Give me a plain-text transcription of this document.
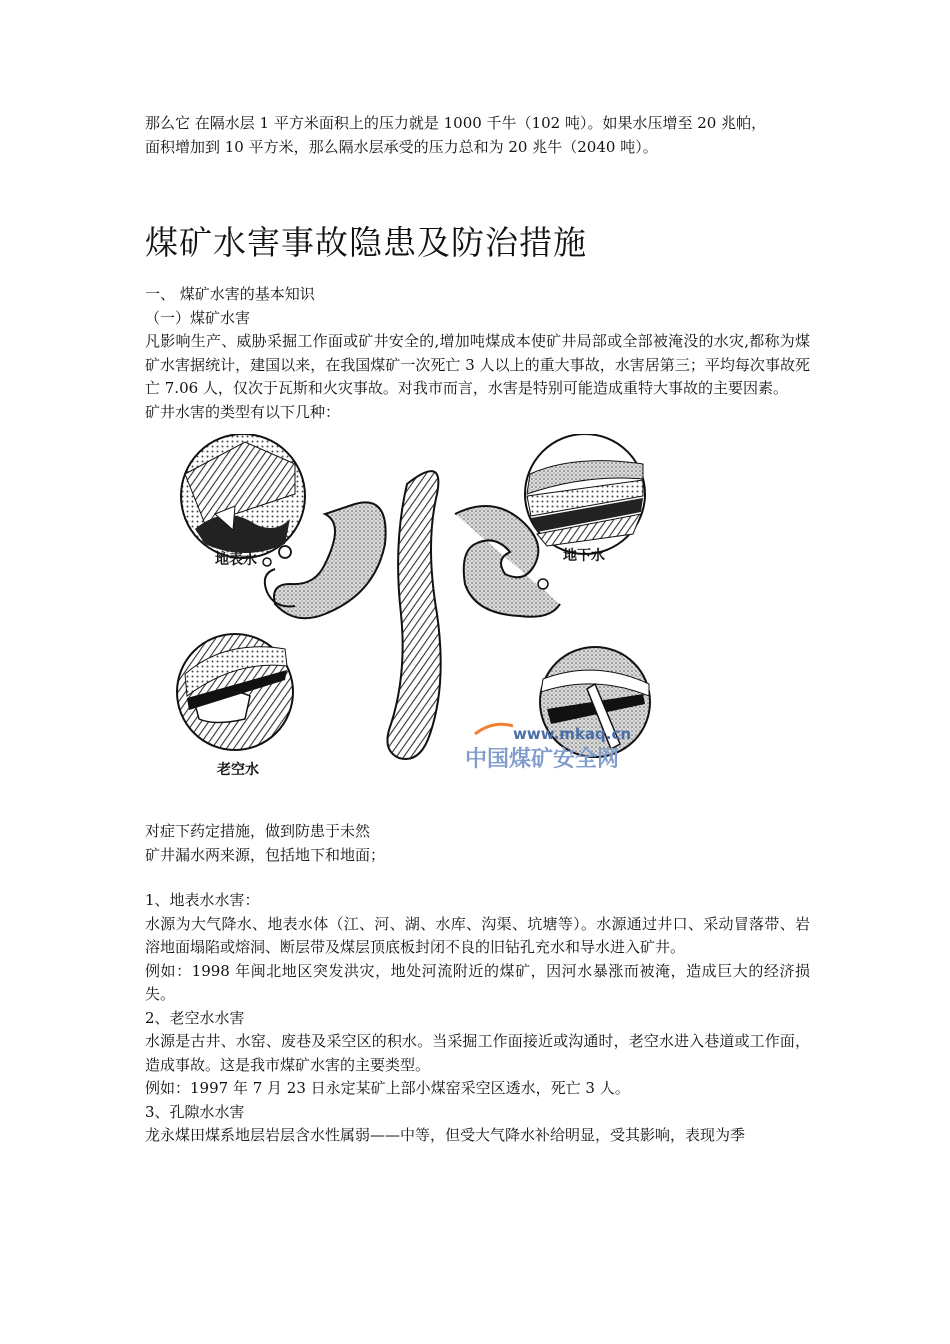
那么它 在隔水层 1 平方米面积上的压力就是 1000 千牛（102 吨）。如果水压增至 20 兆帕，

面积增加到 10 平方米，那么隔水层承受的压力总和为 20 兆牛（2040 吨）。

煤矿水害事故隐患及防治措施

一、 煤矿水害的基本知识

（一）煤矿水害

凡影响生产、威胁采掘工作面或矿井安全的,增加吨煤成本使矿井局部或全部被淹没的水灾,都称为煤矿水害据统计，建国以来，在我国煤矿一次死亡 3 人以上的重大事故，水害居第三；平均每次事故死亡 7.06 人，仅次于瓦斯和火灾事故。对我市而言，水害是特别可能造成重特大事故的主要因素。

矿井水害的类型有以下几种：

地表水	地下水
老空水
www.mkaq.cn
中国煤矿安全网

对症下药定措施，做到防患于未然

矿井漏水两来源，包括地下和地面；

1、地表水水害：

水源为大气降水、地表水体（江、河、湖、水库、沟渠、坑塘等）。水源通过井口、采动冒落带、岩溶地面塌陷或熔洞、断层带及煤层顶底板封闭不良的旧钻孔充水和导水进入矿井。

例如：1998 年闽北地区突发洪灾，地处河流附近的煤矿，因河水暴涨而被淹，造成巨大的经济损失。

2、老空水水害

水源是古井、水窑、废巷及采空区的积水。当采掘工作面接近或沟通时，老空水进入巷道或工作面，造成事故。这是我市煤矿水害的主要类型。

例如：1997 年 7 月 23 日永定某矿上部小煤窑采空区透水，死亡 3 人。

3、孔隙水水害

龙永煤田煤系地层岩层含水性属弱——中等，但受大气降水补给明显，受其影响，表现为季
